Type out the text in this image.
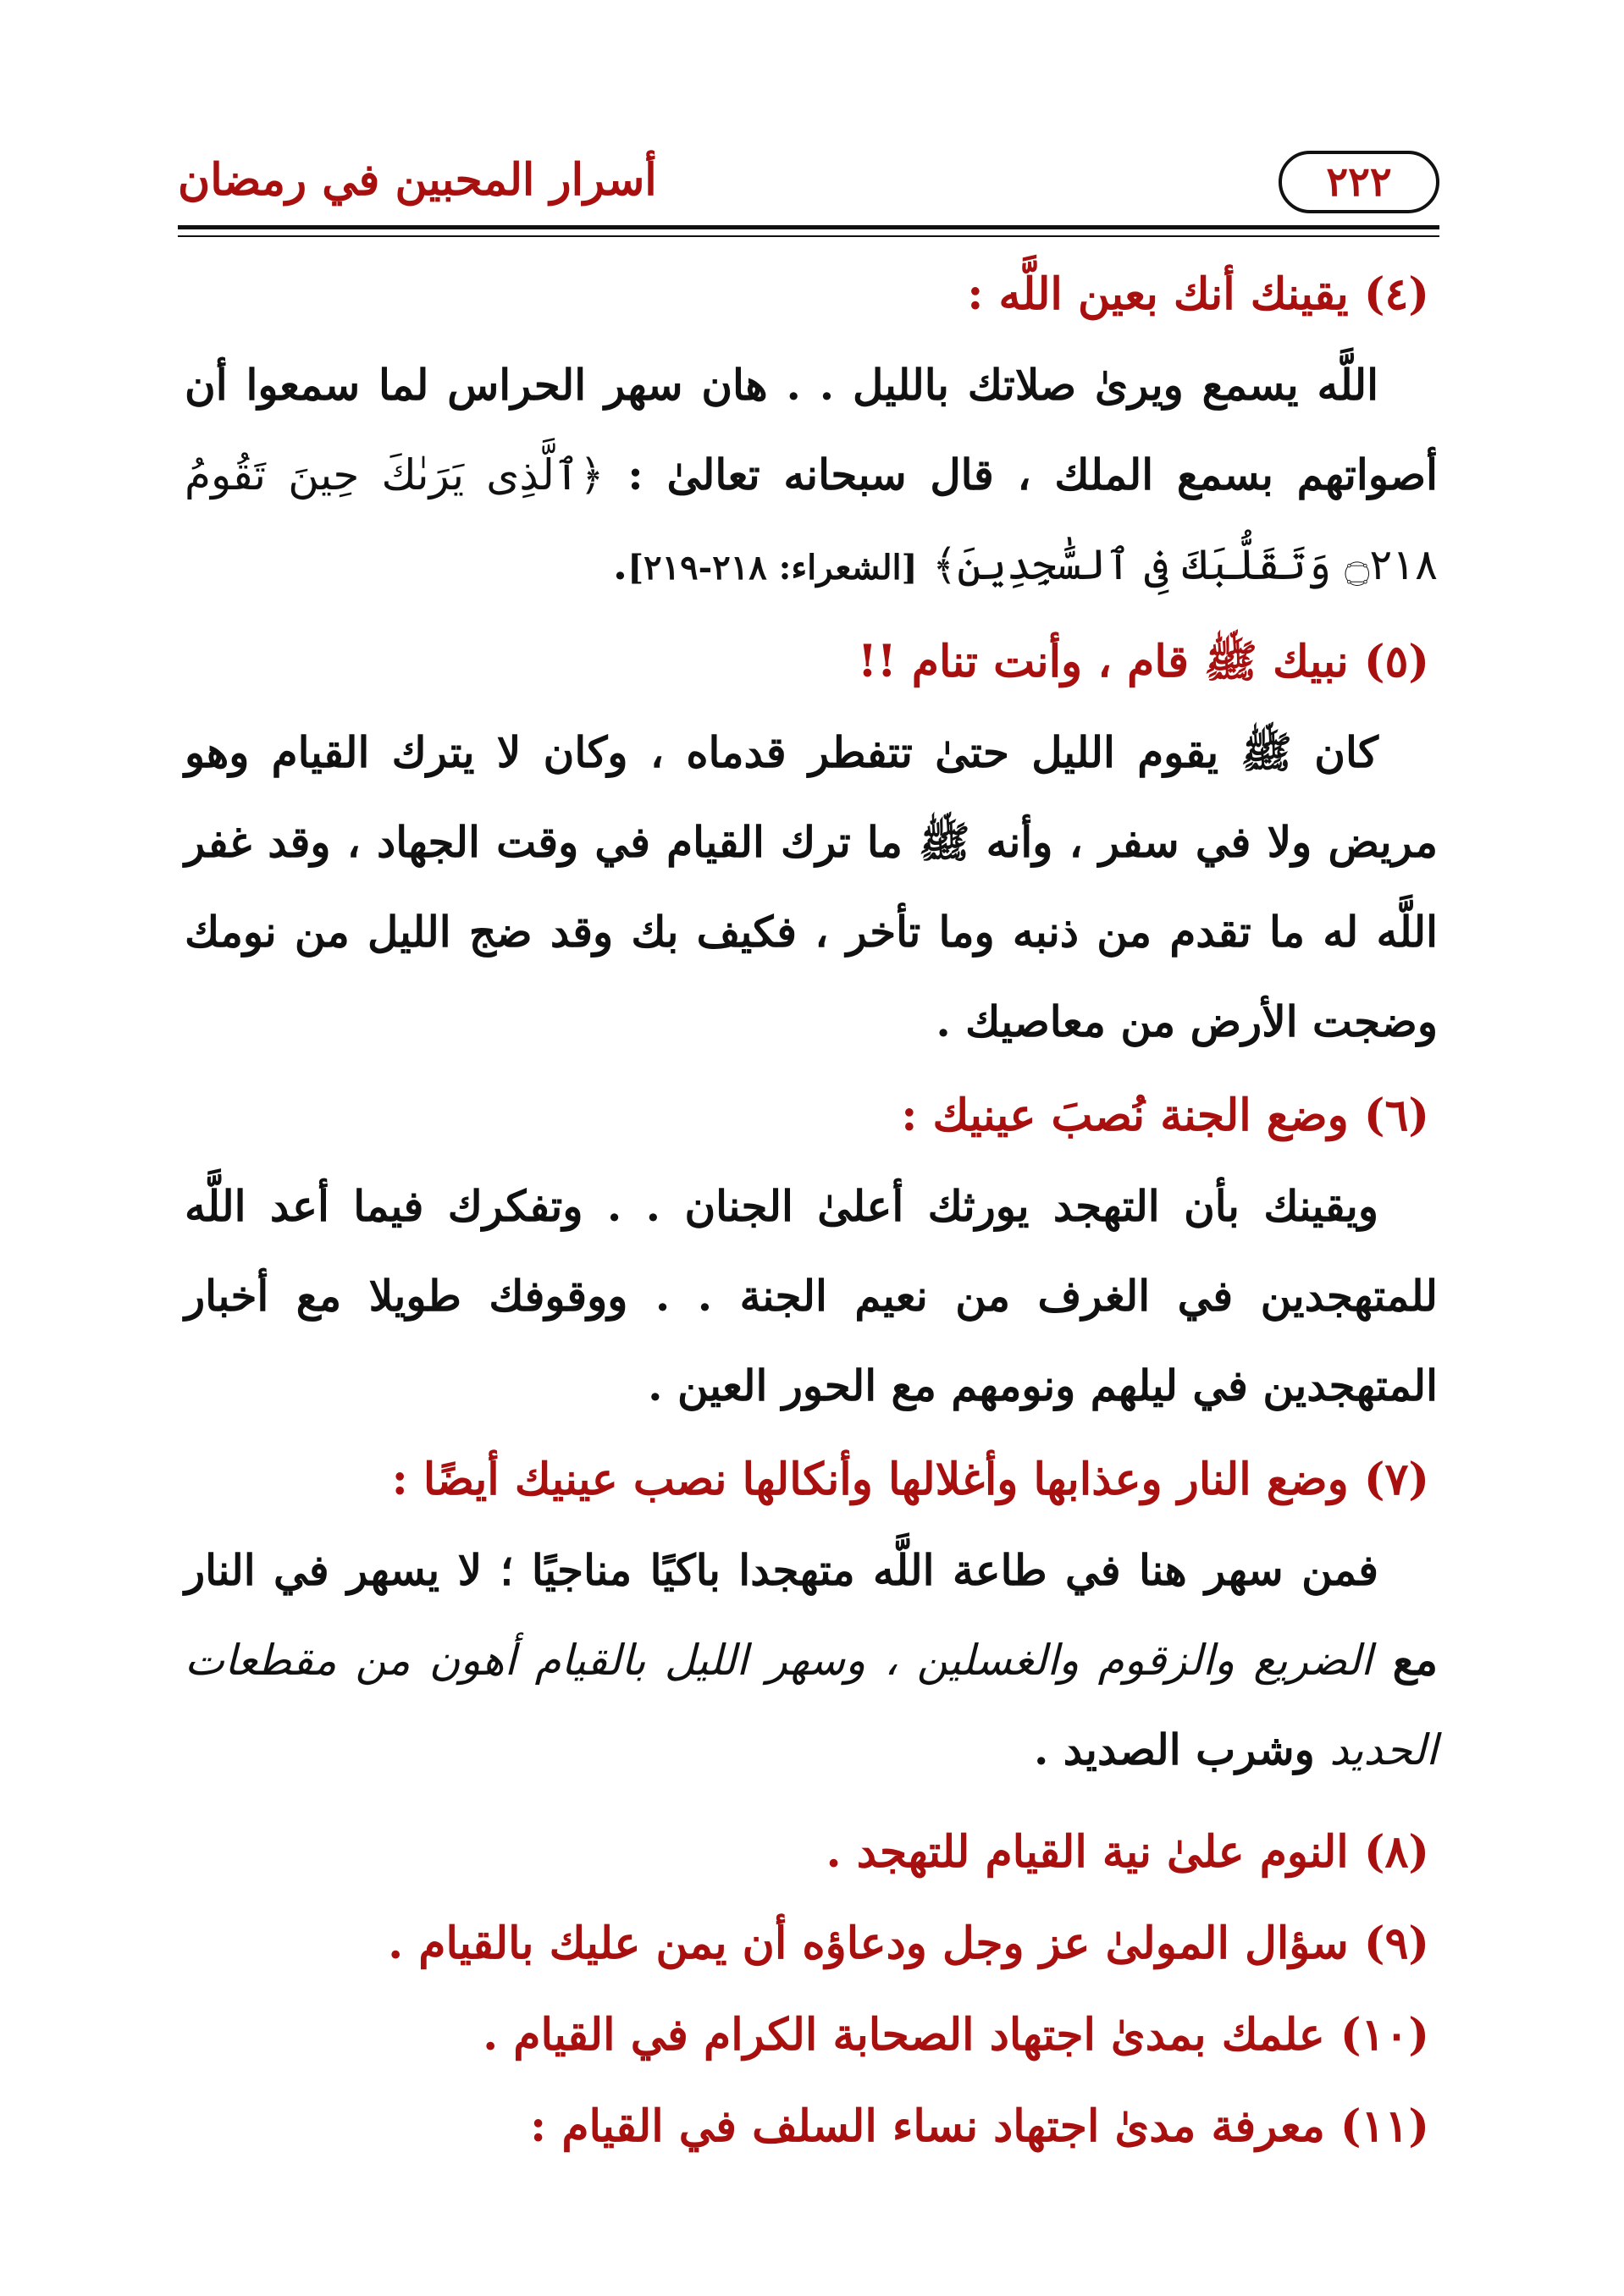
أسرار المحبين في رمضان	٢٢٢
(٤) يقينك أنك بعين اللَّه :

اللَّه يسمع ويرىٰ صلاتك بالليل . . هان سهر الحراس لما سمعوا أن أصواتهم بسمع الملك ، قال سبحانه تعالىٰ : ﴿ٱلَّذِى يَرَىٰكَ حِينَ تَقُومُ ۝٢١٨ وَتَقَلُّبَكَ فِى ٱلسَّٰجِدِينَ﴾ [الشعراء: ٢١٨-٢١٩].

(٥) نبيك ﷺ قام ، وأنت تنام !!

كان ﷺ يقوم الليل حتىٰ تتفطر قدماه ، وكان لا يترك القيام وهو مريض ولا في سفر ، وأنه ﷺ ما ترك القيام في وقت الجهاد ، وقد غفر اللَّه له ما تقدم من ذنبه وما تأخر ، فكيف بك وقد ضج الليل من نومك وضجت الأرض من معاصيك .

(٦) وضع الجنة نُصبَ عينيك :

ويقينك بأن التهجد يورثك أعلىٰ الجنان . . وتفكرك فيما أعد اللَّه للمتهجدين في الغرف من نعيم الجنة . . ووقوفك طويلا مع أخبار المتهجدين في ليلهم ونومهم مع الحور العين .

(٧) وضع النار وعذابها وأغلالها وأنكالها نصب عينيك أيضًا :

فمن سهر هنا في طاعة اللَّه متهجدا باكيًا مناجيًا ؛ لا يسهر في النار مع الضريع والزقوم والغسلين ، وسهر الليل بالقيام أهون من مقطعات الحديد وشرب الصديد .

(٨) النوم علىٰ نية القيام للتهجد .

(٩) سؤال المولىٰ عز وجل ودعاؤه أن يمن عليك بالقيام .

(١٠) علمك بمدىٰ اجتهاد الصحابة الكرام في القيام .

(١١) معرفة مدىٰ اجتهاد نساء السلف في القيام :
